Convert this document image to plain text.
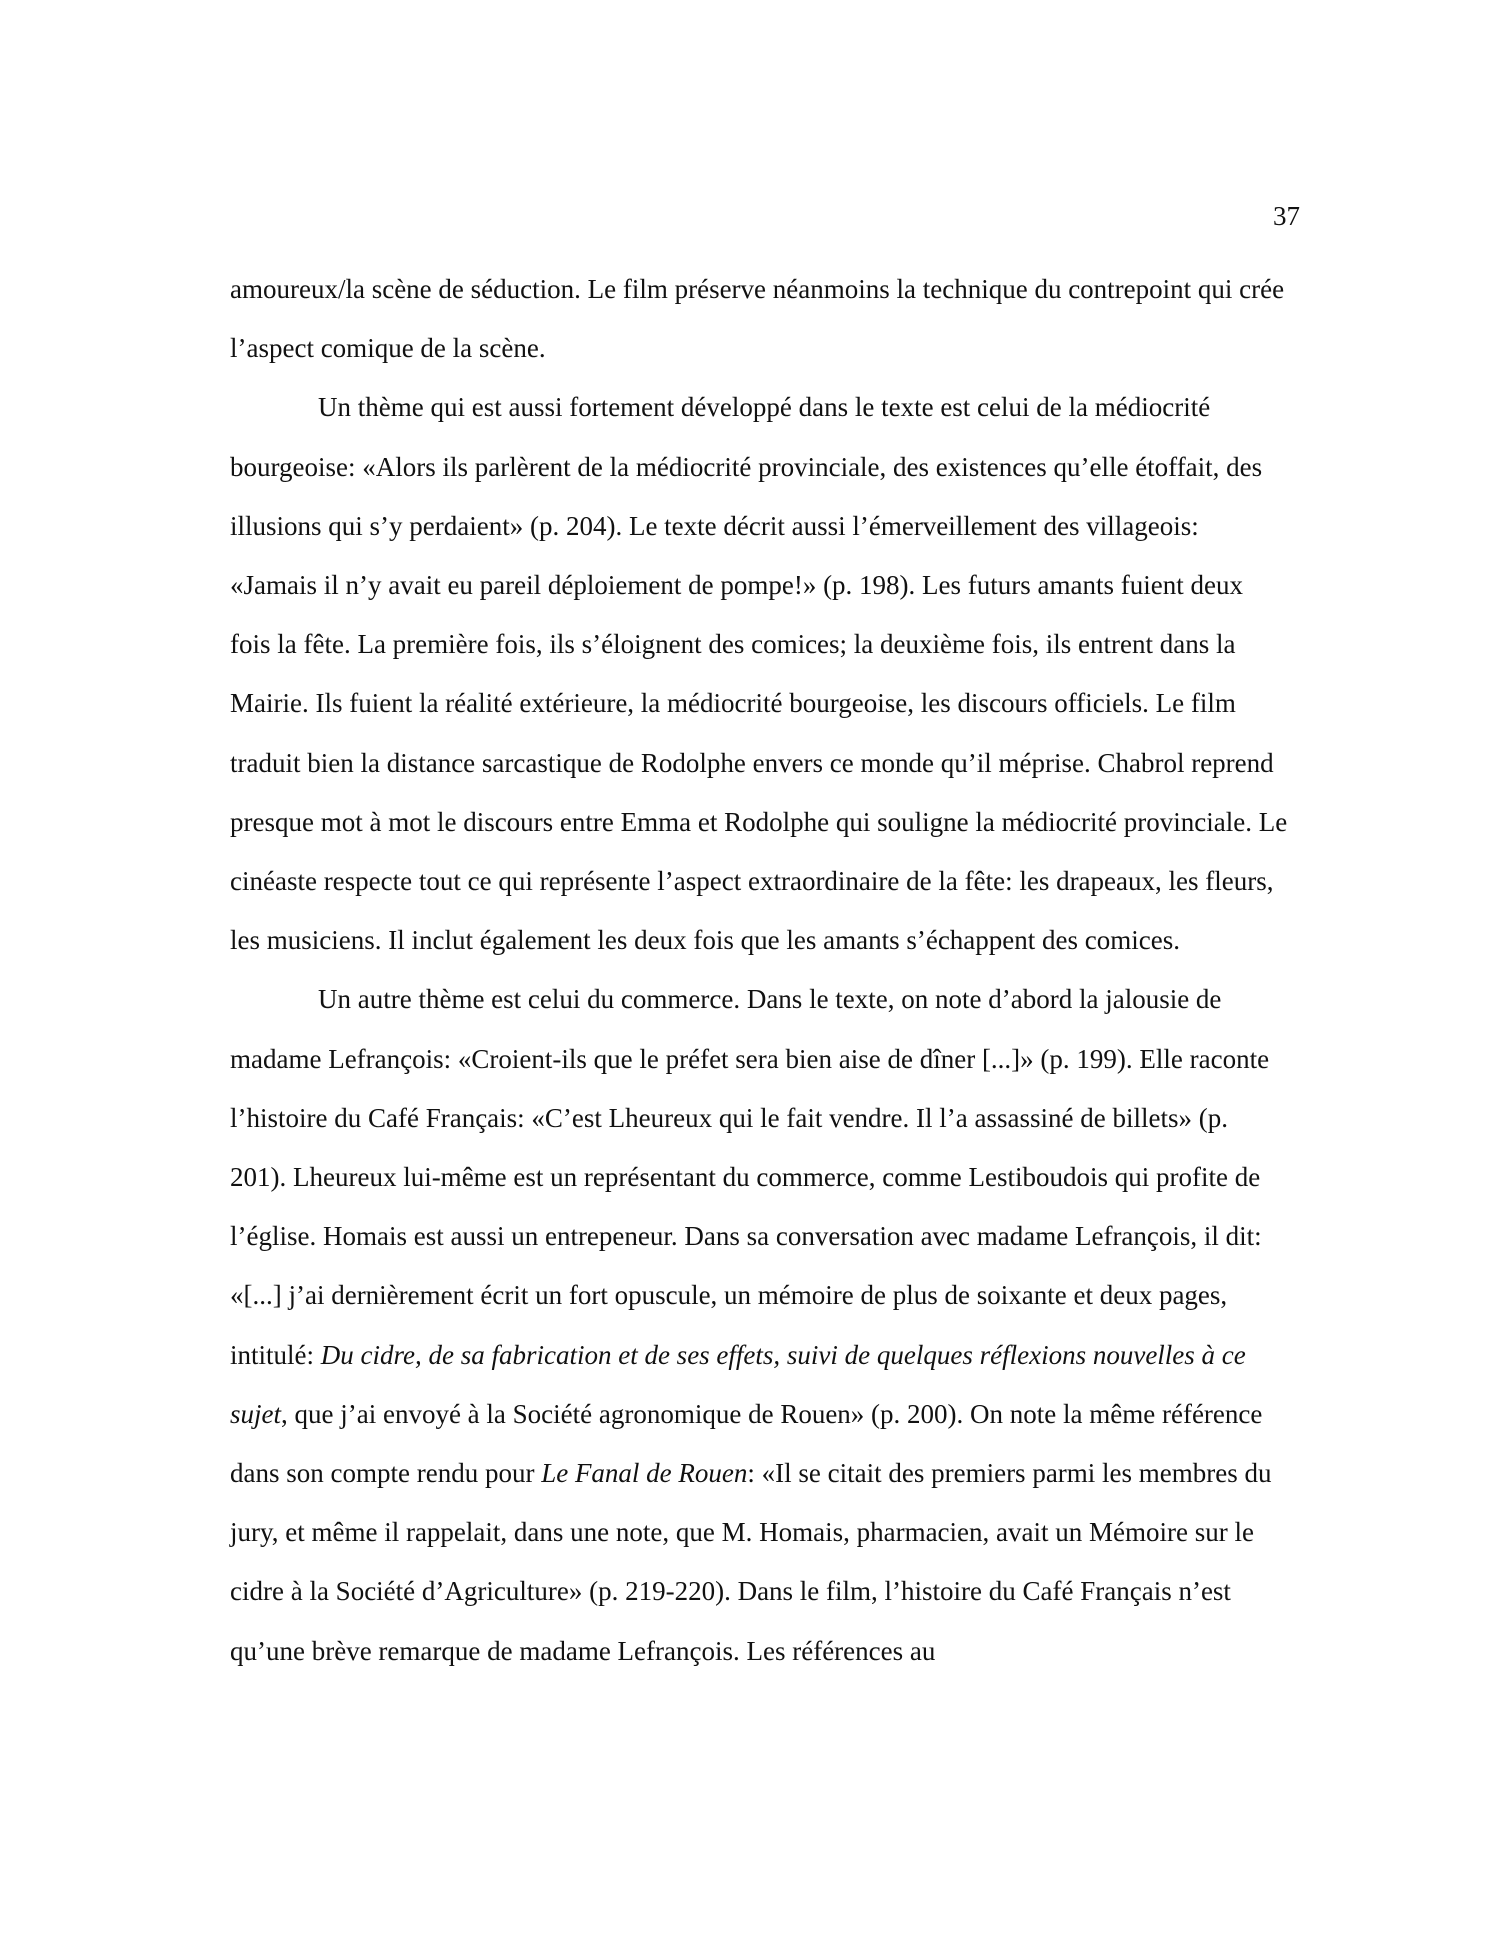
37

amoureux/la scène de séduction. Le film préserve néanmoins la technique du contrepoint qui crée l’aspect comique de la scène.

Un thème qui est aussi fortement développé dans le texte est celui de la médiocrité bourgeoise: «Alors ils parlèrent de la médiocrité provinciale, des existences qu’elle étoffait, des illusions qui s’y perdaient» (p. 204). Le texte décrit aussi l’émerveillement des villageois: «Jamais il n’y avait eu pareil déploiement de pompe!» (p. 198). Les futurs amants fuient deux fois la fête. La première fois, ils s’éloignent des comices; la deuxième fois, ils entrent dans la Mairie. Ils fuient la réalité extérieure, la médiocrité bourgeoise, les discours officiels. Le film traduit bien la distance sarcastique de Rodolphe envers ce monde qu’il méprise. Chabrol reprend presque mot à mot le discours entre Emma et Rodolphe qui souligne la médiocrité provinciale. Le cinéaste respecte tout ce qui représente l’aspect extraordinaire de la fête: les drapeaux, les fleurs, les musiciens. Il inclut également les deux fois que les amants s’échappent des comices.

Un autre thème est celui du commerce. Dans le texte, on note d’abord la jalousie de madame Lefrançois: «Croient-ils que le préfet sera bien aise de dîner [...]» (p. 199). Elle raconte l’histoire du Café Français: «C’est Lheureux qui le fait vendre. Il l’a assassiné de billets» (p. 201). Lheureux lui-même est un représentant du commerce, comme Lestiboudois qui profite de l’église. Homais est aussi un entrepeneur. Dans sa conversation avec madame Lefrançois, il dit: «[...] j’ai dernièrement écrit un fort opuscule, un mémoire de plus de soixante et deux pages, intitulé: Du cidre, de sa fabrication et de ses effets, suivi de quelques réflexions nouvelles à ce sujet, que j’ai envoyé à la Société agronomique de Rouen» (p. 200). On note la même référence dans son compte rendu pour Le Fanal de Rouen: «Il se citait des premiers parmi les membres du jury, et même il rappelait, dans une note, que M. Homais, pharmacien, avait un Mémoire sur le cidre à la Société d’Agriculture» (p. 219-220). Dans le film, l’histoire du Café Français n’est qu’une brève remarque de madame Lefrançois. Les références au
